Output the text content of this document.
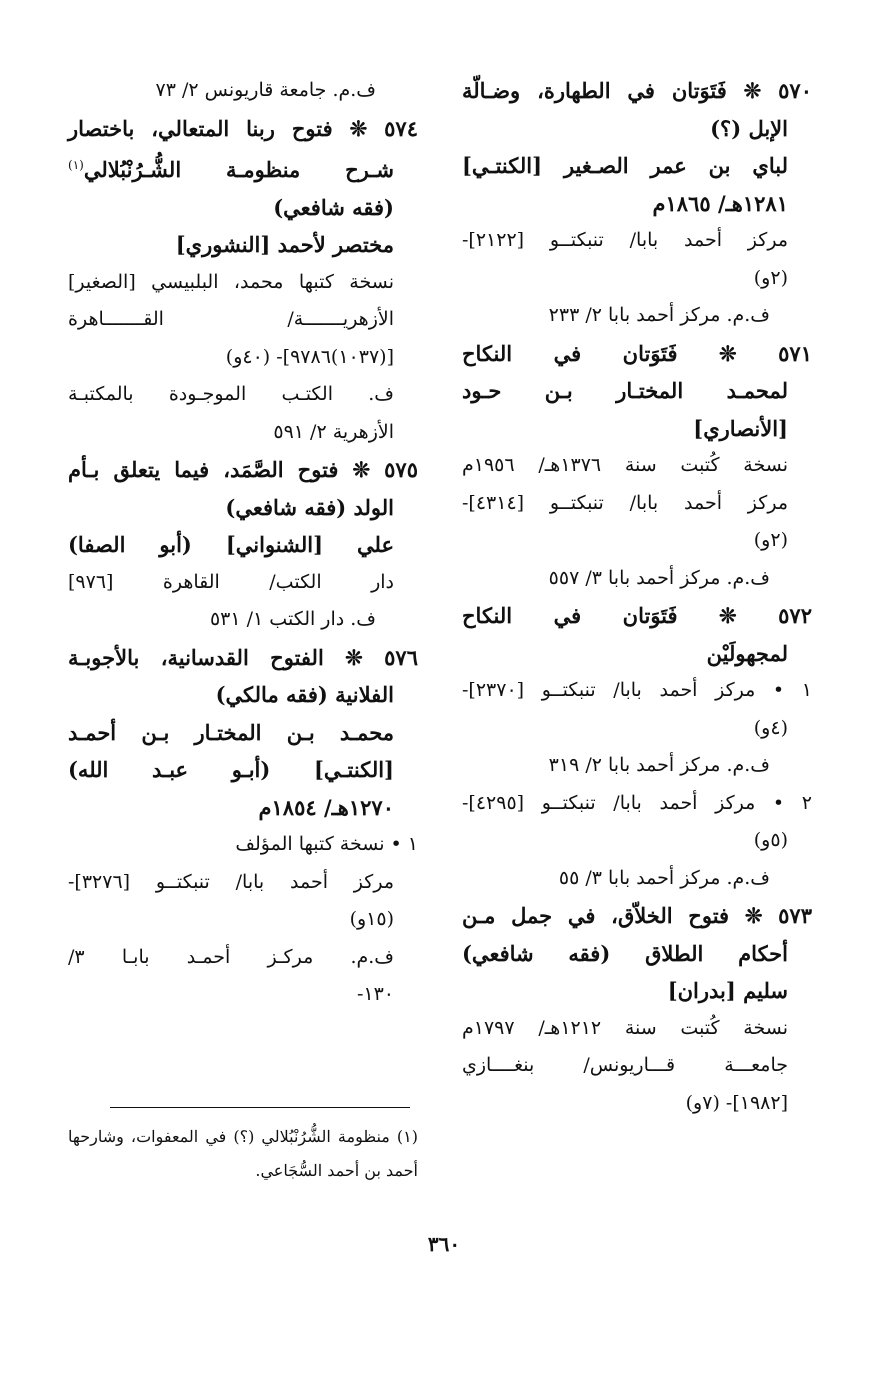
٥٧٠ ❊ فَتَوَتان في الطهارة، وضـالّة
الإبل (؟)
لباي بن عمر الصـغير [الكنتـي]
١٢٨١هـ/ ١٨٦٥م
مركز أحمد بابا/ تنبكتــو [٢١٢٢]-
(٢و)
ف.م. مركز أحمد بابا ٢/ ٢٣٣
٥٧١ ❊ فَتَوَتان في النكاح
لمحمـد المختـار بـن حـود
[الأنصاري]
نسخة كُتبت سنة ١٣٧٦هـ/ ١٩٥٦م
مركز أحمد بابا/ تنبكتــو [٤٣١٤]-
(٢و)
ف.م. مركز أحمد بابا ٣/ ٥٥٧
٥٧٢ ❊ فَتَوَتان في النكاح
لمجهولَيْن
١ • مركز أحمد بابا/ تنبكتــو [٢٣٧٠]-
(٤و)
ف.م. مركز أحمد بابا ٢/ ٣١٩
٢ • مركز أحمد بابا/ تنبكتــو [٤٢٩٥]-
(٥و)
ف.م. مركز أحمد بابا ٣/ ٥٥
٥٧٣ ❊ فتوح الخلاّق، في جمل مـن
أحكام الطلاق (فقه شافعي)
سليم [بدران]
نسخة كُتبت سنة ١٢١٢هـ/ ١٧٩٧م
جامعـــة قـــاريونس/ بنغــــازي
[١٩٨٢]- (٧و)
ف.م. جامعة قاريونس ٢/ ٧٣
٥٧٤ ❊ فتوح ربنا المتعالي، باختصار
شـرح منظومـة الشُّـرُنْبُلالي$^{(١)}$
(فقه شافعي)
مختصر لأحمد [النشوري]
نسخة كتبها محمد، البلبيسي [الصغير]
الأزهريـــــــة/ القـــــــاهرة
[(١٠٣٧)٩٧٨٦]- (٤٠و)
ف. الكتـب الموجـودة بالمكتبـة
الأزهرية ٢/ ٥٩١
٥٧٥ ❊ فتوح الصَّمَد، فيما يتعلق بـأم
الولد (فقه شافعي)
علي [الشنواني] (أبو الصفا)
دار الكتب/ القاهرة [٩٧٦]
ف. دار الكتب ١/ ٥٣١
٥٧٦ ❊ الفتوح القدسانية، بالأجوبـة
الفلانية (فقه مالكي)
محمـد بـن المختـار بـن أحمـد
[الكنتـي] (أبـو عبـد الله)
١٢٧٠هـ/ ١٨٥٤م
١ • نسخة كتبها المؤلف
مركز أحمد بابا/ تنبكتــو [٣٢٧٦]-
(١٥و)
ف.م. مركـز أحمـد بابـا ٣/
١٣٠-
(١) منظومة الشُّرُنْبُلالي (؟) في المعفوات، وشارحها
أحمد بن أحمد السُّجَاعي.
٣٦٠
